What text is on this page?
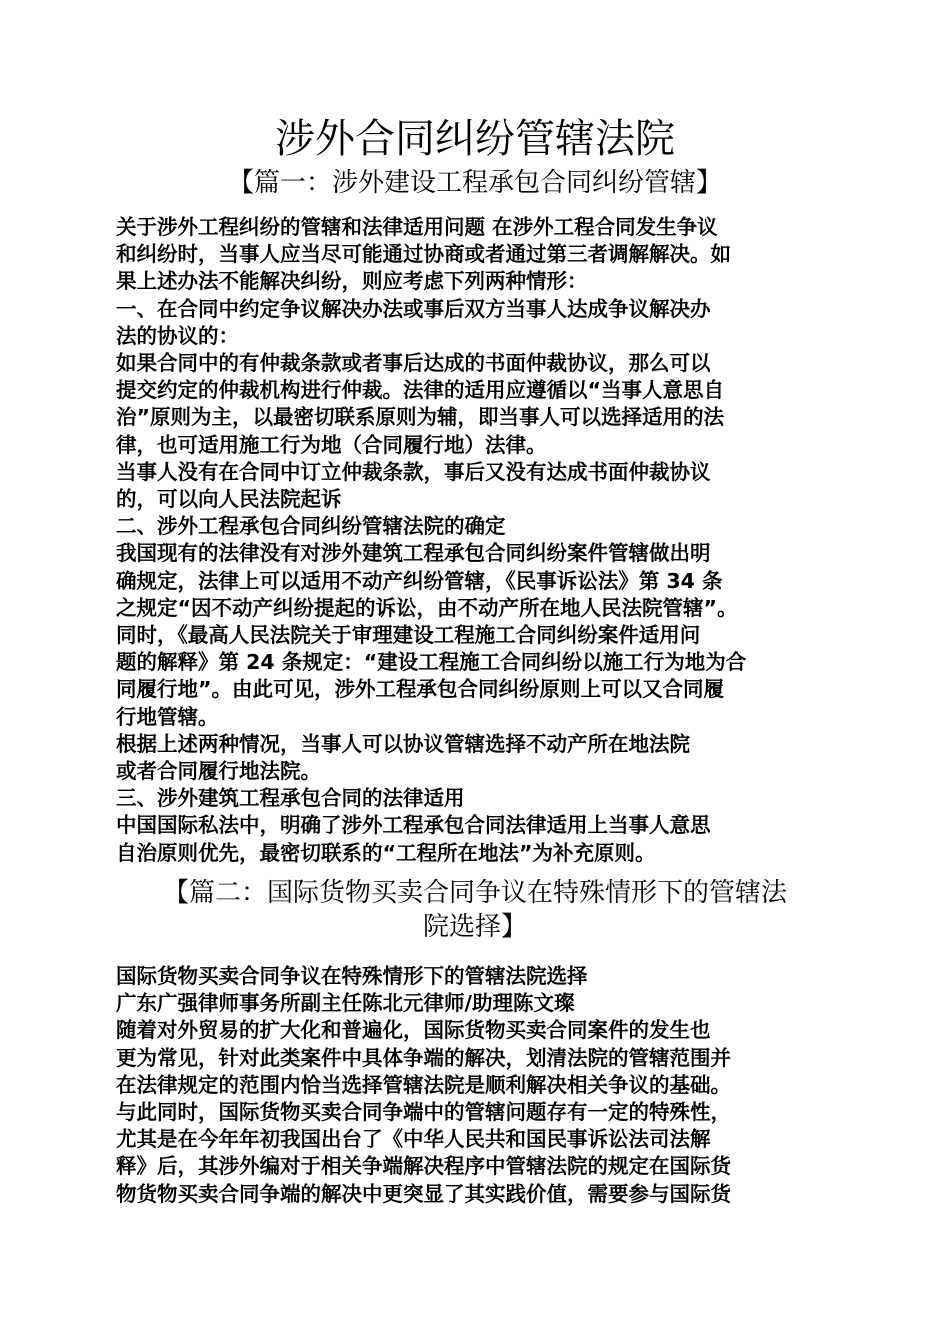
涉外合同纠纷管辖法院
【篇一：涉外建设工程承包合同纠纷管辖】

关于涉外工程纠纷的管辖和法律适用问题 在涉外工程合同发生争议

和纠纷时，当事人应当尽可能通过协商或者通过第三者调解解决。如

果上述办法不能解决纠纷，则应考虑下列两种情形：

一、在合同中约定争议解决办法或事后双方当事人达成争议解决办

法的协议的：

如果合同中的有仲裁条款或者事后达成的书面仲裁协议，那么可以

提交约定的仲裁机构进行仲裁。法律的适用应遵循以“当事人意思自

治”原则为主，以最密切联系原则为辅，即当事人可以选择适用的法

律，也可适用施工行为地（合同履行地）法律。

当事人没有在合同中订立仲裁条款，事后又没有达成书面仲裁协议

的，可以向人民法院起诉

二、涉外工程承包合同纠纷管辖法院的确定

我国现有的法律没有对涉外建筑工程承包合同纠纷案件管辖做出明

确规定，法律上可以适用不动产纠纷管辖，《民事诉讼法》第 34 条

之规定“因不动产纠纷提起的诉讼，由不动产所在地人民法院管辖”。

同时，《最高人民法院关于审理建设工程施工合同纠纷案件适用问

题的解释》第 24 条规定：“建设工程施工合同纠纷以施工行为地为合

同履行地”。由此可见，涉外工程承包合同纠纷原则上可以又合同履

行地管辖。

根据上述两种情况，当事人可以协议管辖选择不动产所在地法院

或者合同履行地法院。

三、涉外建筑工程承包合同的法律适用

中国国际私法中，明确了涉外工程承包合同法律适用上当事人意思

自治原则优先，最密切联系的“工程所在地法”为补充原则。

【篇二：国际货物买卖合同争议在特殊情形下的管辖法
院选择】

国际货物买卖合同争议在特殊情形下的管辖法院选择

广东广强律师事务所副主任陈北元律师/助理陈文璨

随着对外贸易的扩大化和普遍化，国际货物买卖合同案件的发生也

更为常见，针对此类案件中具体争端的解决，划清法院的管辖范围并

在法律规定的范围内恰当选择管辖法院是顺利解决相关争议的基础。

与此同时，国际货物买卖合同争端中的管辖问题存有一定的特殊性，

尤其是在今年年初我国出台了《中华人民共和国民事诉讼法司法解

释》后，其涉外编对于相关争端解决程序中管辖法院的规定在国际货

物货物买卖合同争端的解决中更突显了其实践价值，需要参与国际货
